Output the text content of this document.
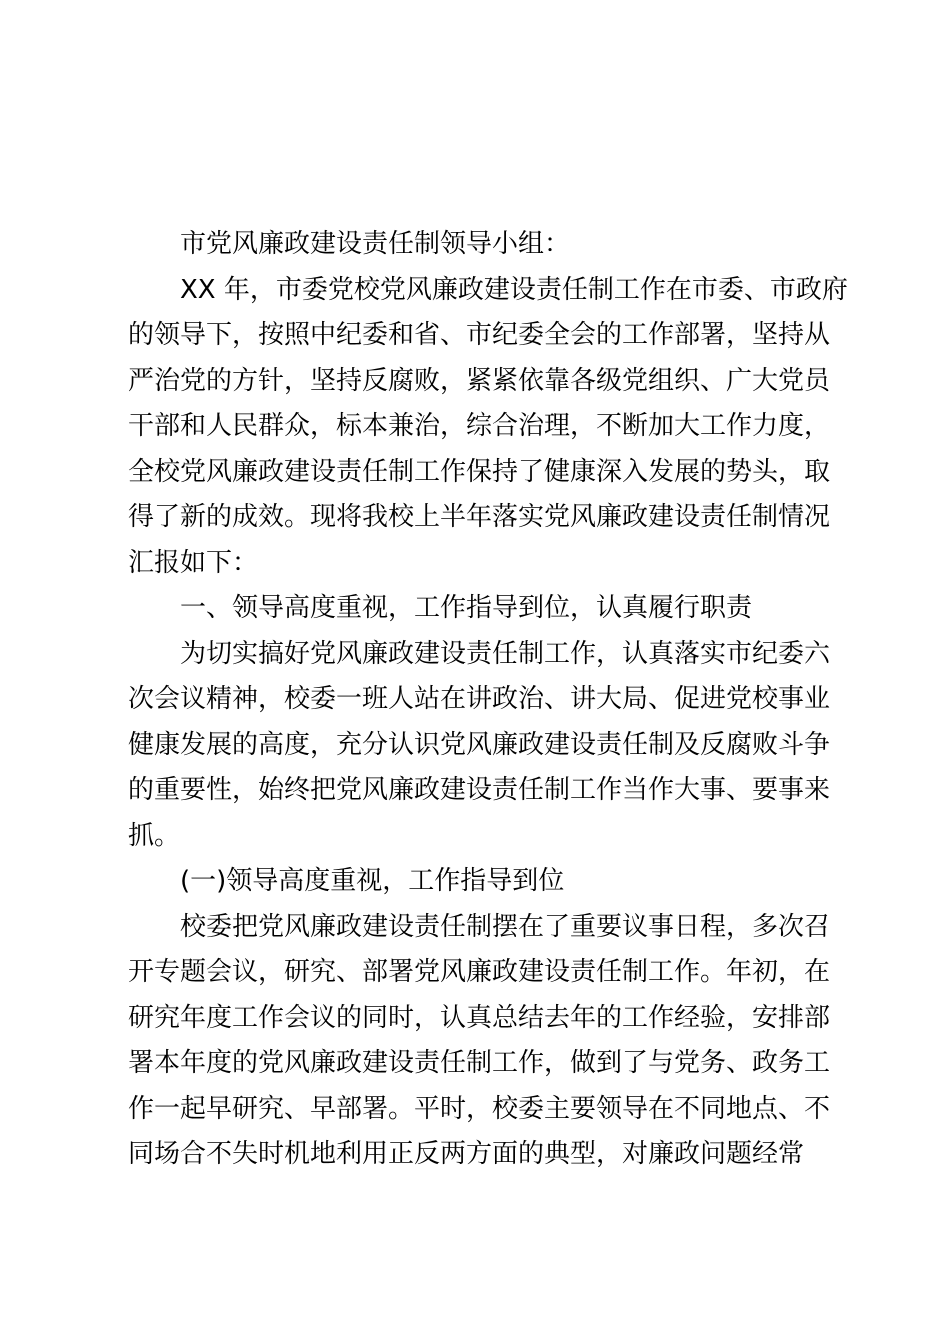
市党风廉政建设责任制领导小组：
XX 年，市委党校党风廉政建设责任制工作在市委、市政府
的领导下，按照中纪委和省、市纪委全会的工作部署，坚持从
严治党的方针，坚持反腐败，紧紧依靠各级党组织、广大党员
干部和人民群众，标本兼治，综合治理，不断加大工作力度，
全校党风廉政建设责任制工作保持了健康深入发展的势头，取
得了新的成效。现将我校上半年落实党风廉政建设责任制情况
汇报如下：
一、领导高度重视，工作指导到位，认真履行职责
为切实搞好党风廉政建设责任制工作，认真落实市纪委六
次会议精神，校委一班人站在讲政治、讲大局、促进党校事业
健康发展的高度，充分认识党风廉政建设责任制及反腐败斗争
的重要性，始终把党风廉政建设责任制工作当作大事、要事来
抓。
(一)领导高度重视，工作指导到位
校委把党风廉政建设责任制摆在了重要议事日程，多次召
开专题会议，研究、部署党风廉政建设责任制工作。年初，在
研究年度工作会议的同时，认真总结去年的工作经验，安排部
署本年度的党风廉政建设责任制工作，做到了与党务、政务工
作一起早研究、早部署。平时，校委主要领导在不同地点、不
同场合不失时机地利用正反两方面的典型，对廉政问题经常
